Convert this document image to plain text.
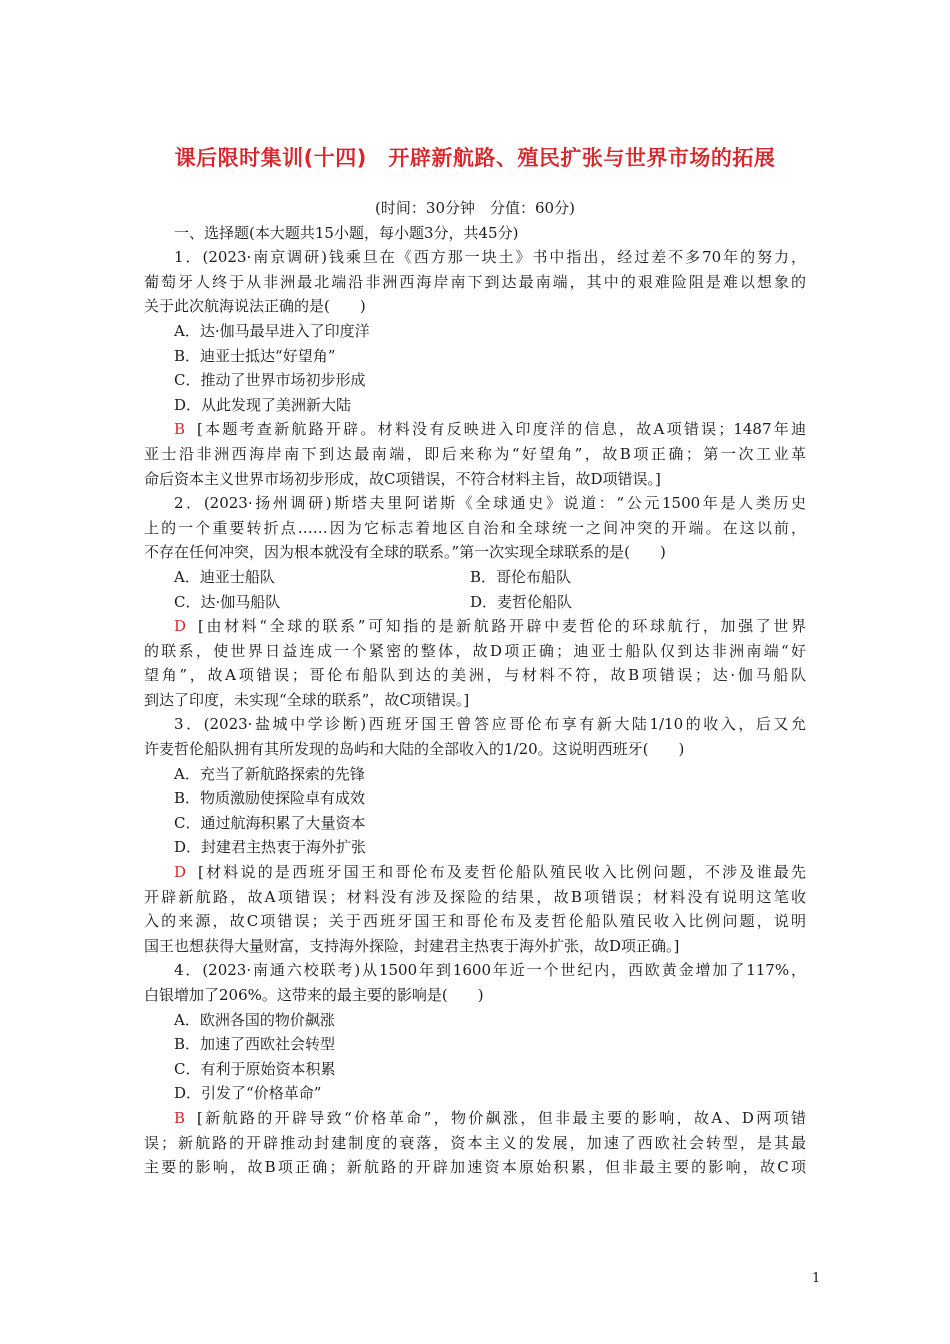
课后限时集训(十四)　开辟新航路、殖民扩张与世界市场的拓展
(时间：30分钟　分值：60分)
一、选择题(本大题共15小题，每小题3分，共45分)
1．(2023·南京调研)钱乘旦在《西方那一块土》书中指出，经过差不多70年的努力，
葡萄牙人终于从非洲最北端沿非洲西海岸南下到达最南端，其中的艰难险阻是难以想象的
关于此次航海说法正确的是(　　)
A．达·伽马最早进入了印度洋
B．迪亚士抵达“好望角”
C．推动了世界市场初步形成
D．从此发现了美洲新大陆
B [本题考查新航路开辟。材料没有反映进入印度洋的信息，故A项错误；1487年迪
亚士沿非洲西海岸南下到达最南端，即后来称为“好望角”，故B项正确；第一次工业革
命后资本主义世界市场初步形成，故C项错误，不符合材料主旨，故D项错误。]
2．(2023·扬州调研)斯塔夫里阿诺斯《全球通史》说道：“公元1500年是人类历史
上的一个重要转折点……因为它标志着地区自治和全球统一之间冲突的开端。在这以前，
不存在任何冲突，因为根本就没有全球的联系。”第一次实现全球联系的是(　　)
A．迪亚士船队	B．哥伦布船队
C．达·伽马船队	D．麦哲伦船队
D [由材料“全球的联系”可知指的是新航路开辟中麦哲伦的环球航行，加强了世界
的联系，使世界日益连成一个紧密的整体，故D项正确；迪亚士船队仅到达非洲南端“好
望角”，故A项错误；哥伦布船队到达的美洲，与材料不符，故B项错误；达·伽马船队
到达了印度，未实现“全球的联系”，故C项错误。]
3．(2023·盐城中学诊断)西班牙国王曾答应哥伦布享有新大陆1/10的收入，后又允
许麦哲伦船队拥有其所发现的岛屿和大陆的全部收入的1/20。这说明西班牙(　　)
A．充当了新航路探索的先锋
B．物质激励使探险卓有成效
C．通过航海积累了大量资本
D．封建君主热衷于海外扩张
D [材料说的是西班牙国王和哥伦布及麦哲伦船队殖民收入比例问题，不涉及谁最先
开辟新航路，故A项错误；材料没有涉及探险的结果，故B项错误；材料没有说明这笔收
入的来源，故C项错误；关于西班牙国王和哥伦布及麦哲伦船队殖民收入比例问题，说明
国王也想获得大量财富，支持海外探险，封建君主热衷于海外扩张，故D项正确。]
4．(2023·南通六校联考)从1500年到1600年近一个世纪内，西欧黄金增加了117%，
白银增加了206%。这带来的最主要的影响是(　　)
A．欧洲各国的物价飙涨
B．加速了西欧社会转型
C．有利于原始资本积累
D．引发了“价格革命”
B [新航路的开辟导致“价格革命”，物价飙涨，但非最主要的影响，故A、D两项错
误；新航路的开辟推动封建制度的衰落，资本主义的发展，加速了西欧社会转型，是其最
主要的影响，故B项正确；新航路的开辟加速资本原始积累，但非最主要的影响，故C项
1
